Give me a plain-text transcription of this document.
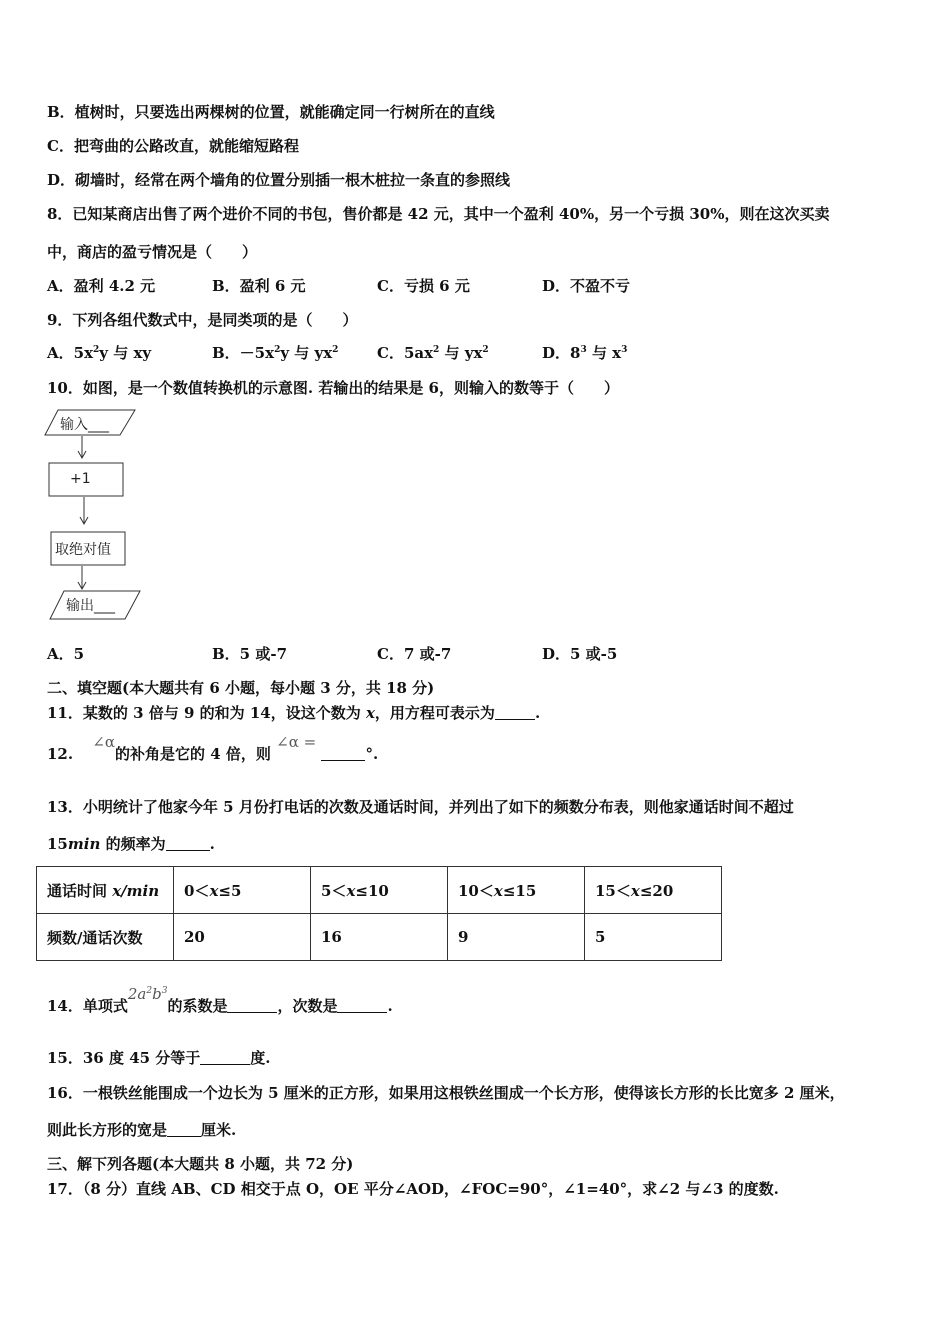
B．植树时，只要选出两棵树的位置，就能确定同一行树所在的直线
C．把弯曲的公路改直，就能缩短路程
D．砌墙时，经常在两个墙角的位置分别插一根木桩拉一条直的参照线
8．已知某商店出售了两个进价不同的书包，售价都是 42 元，其中一个盈利 40%，另一个亏损 30%，则在这次买卖
中，商店的盈亏情况是（　　）
A．盈利 4.2 元	B．盈利 6 元	C．亏损 6 元	D．不盈不亏
9．下列各组代数式中，是同类项的是（　　）
A．$5x^2y$ 与 xy	B．$-5x^2y$ 与 $yx^2$	C．$5ax^2$ 与 $yx^2$	D．$8^3$ 与 $x^3$
10．如图，是一个数值转换机的示意图. 若输出的结果是 6，则输入的数等于（　　）
输入___
+1
取绝对值
输出___
A．5	B．5 或-7	C．7 或-7	D．5 或-5
二、填空题(本大题共有 6 小题，每小题 3 分，共 18 分)
11．某数的 3 倍与 9 的和为 14，设这个数为 x，用方程可表示为	.
12. ∠α的补角是它的 4 倍，则 ∠α = °.
13．小明统计了他家今年 5 月份打电话的次数及通话时间，并列出了如下的频数分布表，则他家通话时间不超过
15min 的频率为	.
通话时间 x/min	0＜x≤5	5＜x≤10	10＜x≤15	15＜x≤20
频数/通话次数	20	16	9	5
14．单项式$2a^2b^3$的系数是	，次数是	.
15．36 度 45 分等于	度.
16．一根铁丝能围成一个边长为 5 厘米的正方形，如果用这根铁丝围成一个长方形，使得该长方形的长比宽多 2 厘米，
则此长方形的宽是 厘米.
三、解下列各题(本大题共 8 小题，共 72 分)
17．（8 分）直线 AB、CD 相交于点 O，OE 平分∠AOD，∠FOC=90°，∠1=40°，求∠2 与∠3 的度数.
